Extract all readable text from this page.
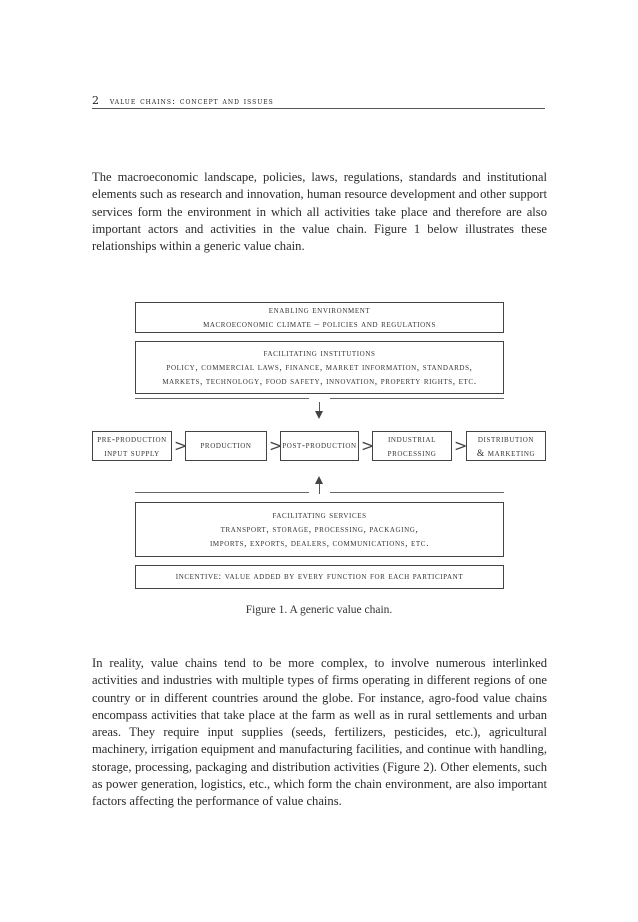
2 value chains: concept and issues

The macroeconomic landscape, policies, laws, regulations, standards and institutional elements such as research and innovation, human resource development and other support services form the environment in which all activities take place and therefore are also important actors and activities in the value chain. Figure 1 below illustrates these relationships within a generic value chain.

enabling environment
macroeconomic climate – policies and regulations
facilitating institutions
policy, commercial laws, finance, market information, standards,
markets, technology, food safety, innovation, property rights, etc.
pre-production
input supply >	production	> post-production >	industrial
processing	>	distribution
& marketing
facilitating services
transport, storage, processing, packaging,
imports, exports, dealers, communications, etc.
incentive: value added by every function for each participant
Figure 1. A generic value chain.

In reality, value chains tend to be more complex, to involve numerous interlinked activities and industries with multiple types of firms operating in different regions of one country or in different countries around the globe. For instance, agro-food value chains encompass activities that take place at the farm as well as in rural settlements and urban areas. They require input supplies (seeds, fertilizers, pesticides, etc.), agricultural machinery, irrigation equipment and manufacturing facilities, and continue with handling, storage, processing, packaging and distribution activities (Figure 2). Other elements, such as power generation, logistics, etc., which form the chain environment, are also important factors affecting the performance of value chains.
